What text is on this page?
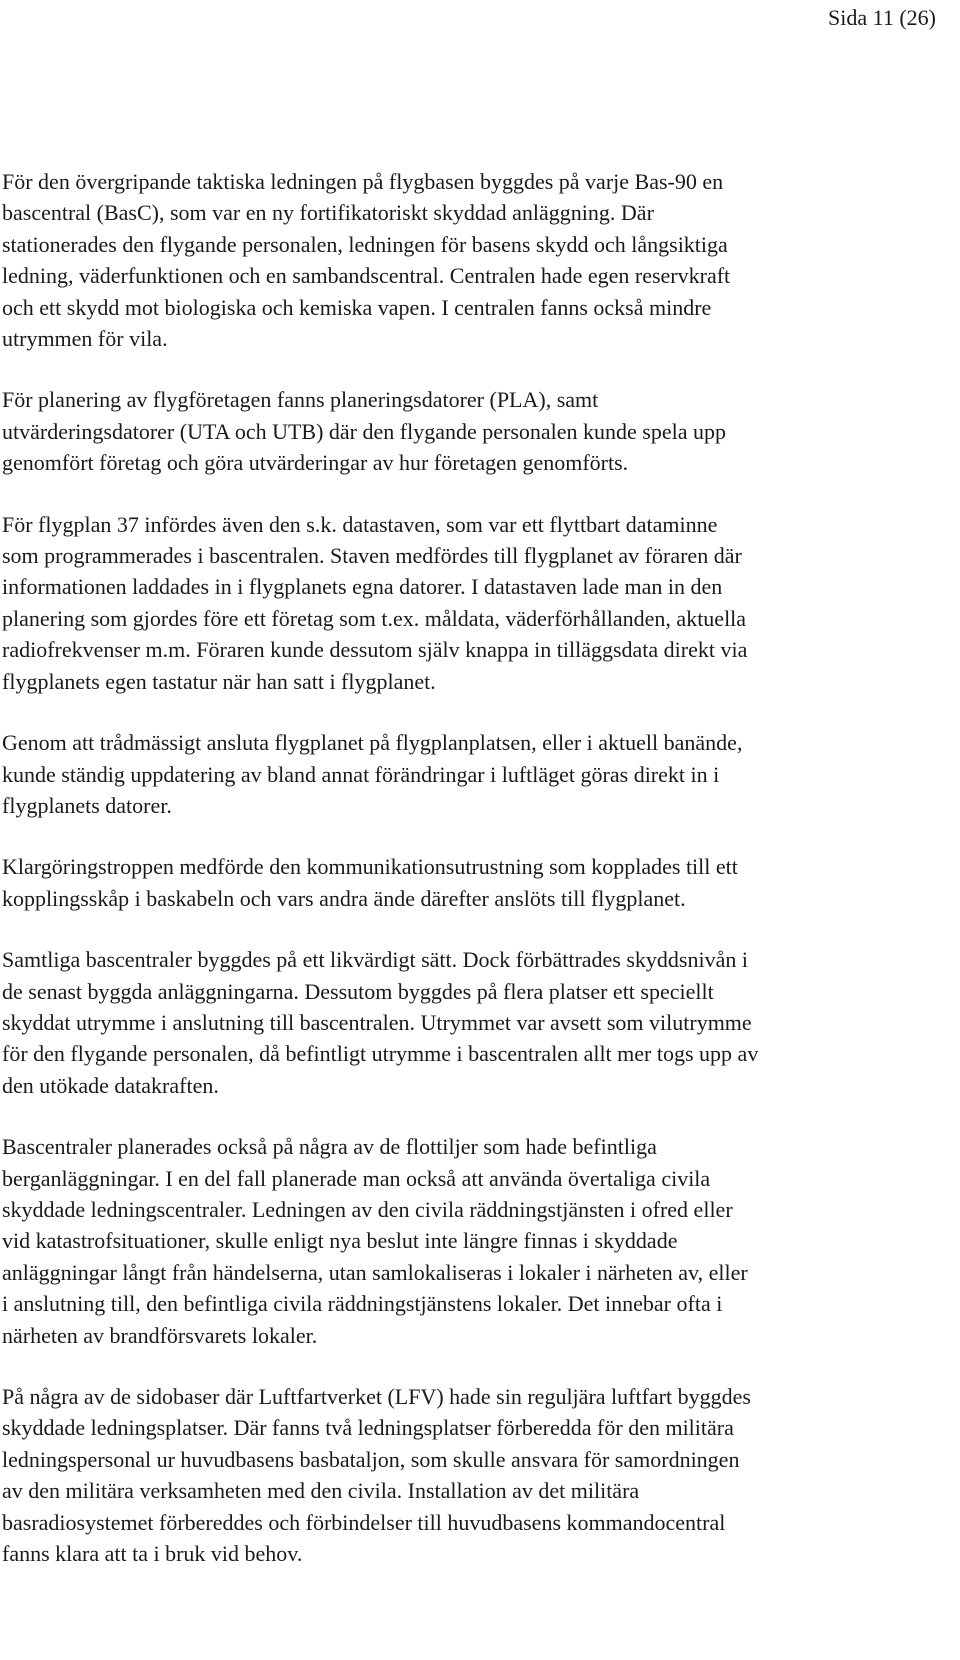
Sida 11 (26)

För den övergripande taktiska ledningen på flygbasen byggdes på varje Bas-90 en
bascentral (BasC), som var en ny fortifikatoriskt skyddad anläggning. Där
stationerades den flygande personalen, ledningen för basens skydd och långsiktiga
ledning, väderfunktionen och en sambandscentral. Centralen hade egen reservkraft
och ett skydd mot biologiska och kemiska vapen. I centralen fanns också mindre
utrymmen för vila.

För planering av flygföretagen fanns planeringsdatorer (PLA), samt
utvärderingsdatorer (UTA och UTB) där den flygande personalen kunde spela upp
genomfört företag och göra utvärderingar av hur företagen genomförts.

För flygplan 37 infördes även den s.k. datastaven, som var ett flyttbart dataminne
som programmerades i bascentralen. Staven medfördes till flygplanet av föraren där
informationen laddades in i flygplanets egna datorer. I datastaven lade man in den
planering som gjordes före ett företag som t.ex. måldata, väderförhållanden, aktuella
radiofrekvenser m.m. Föraren kunde dessutom själv knappa in tilläggsdata direkt via
flygplanets egen tastatur när han satt i flygplanet.

Genom att trådmässigt ansluta flygplanet på flygplanplatsen, eller i aktuell banände,
kunde ständig uppdatering av bland annat förändringar i luftläget göras direkt in i
flygplanets datorer.

Klargöringstroppen medförde den kommunikationsutrustning som kopplades till ett
kopplingsskåp i baskabeln och vars andra ände därefter anslöts till flygplanet.

Samtliga bascentraler byggdes på ett likvärdigt sätt. Dock förbättrades skyddsnivån i
de senast byggda anläggningarna. Dessutom byggdes på flera platser ett speciellt
skyddat utrymme i anslutning till bascentralen. Utrymmet var avsett som vilutrymme
för den flygande personalen, då befintligt utrymme i bascentralen allt mer togs upp av
den utökade datakraften.

Bascentraler planerades också på några av de flottiljer som hade befintliga
berganläggningar. I en del fall planerade man också att använda övertaliga civila
skyddade ledningscentraler. Ledningen av den civila räddningstjänsten i ofred eller
vid katastrofsituationer, skulle enligt nya beslut inte längre finnas i skyddade
anläggningar långt från händelserna, utan samlokaliseras i lokaler i närheten av, eller
i anslutning till, den befintliga civila räddningstjänstens lokaler. Det innebar ofta i
närheten av brandförsvarets lokaler.

På några av de sidobaser där Luftfartverket (LFV) hade sin reguljära luftfart byggdes
skyddade ledningsplatser. Där fanns två ledningsplatser förberedda för den militära
ledningspersonal ur huvudbasens basbataljon, som skulle ansvara för samordningen
av den militära verksamheten med den civila. Installation av det militära
basradiosystemet förbereddes och förbindelser till huvudbasens kommandocentral
fanns klara att ta i bruk vid behov.
